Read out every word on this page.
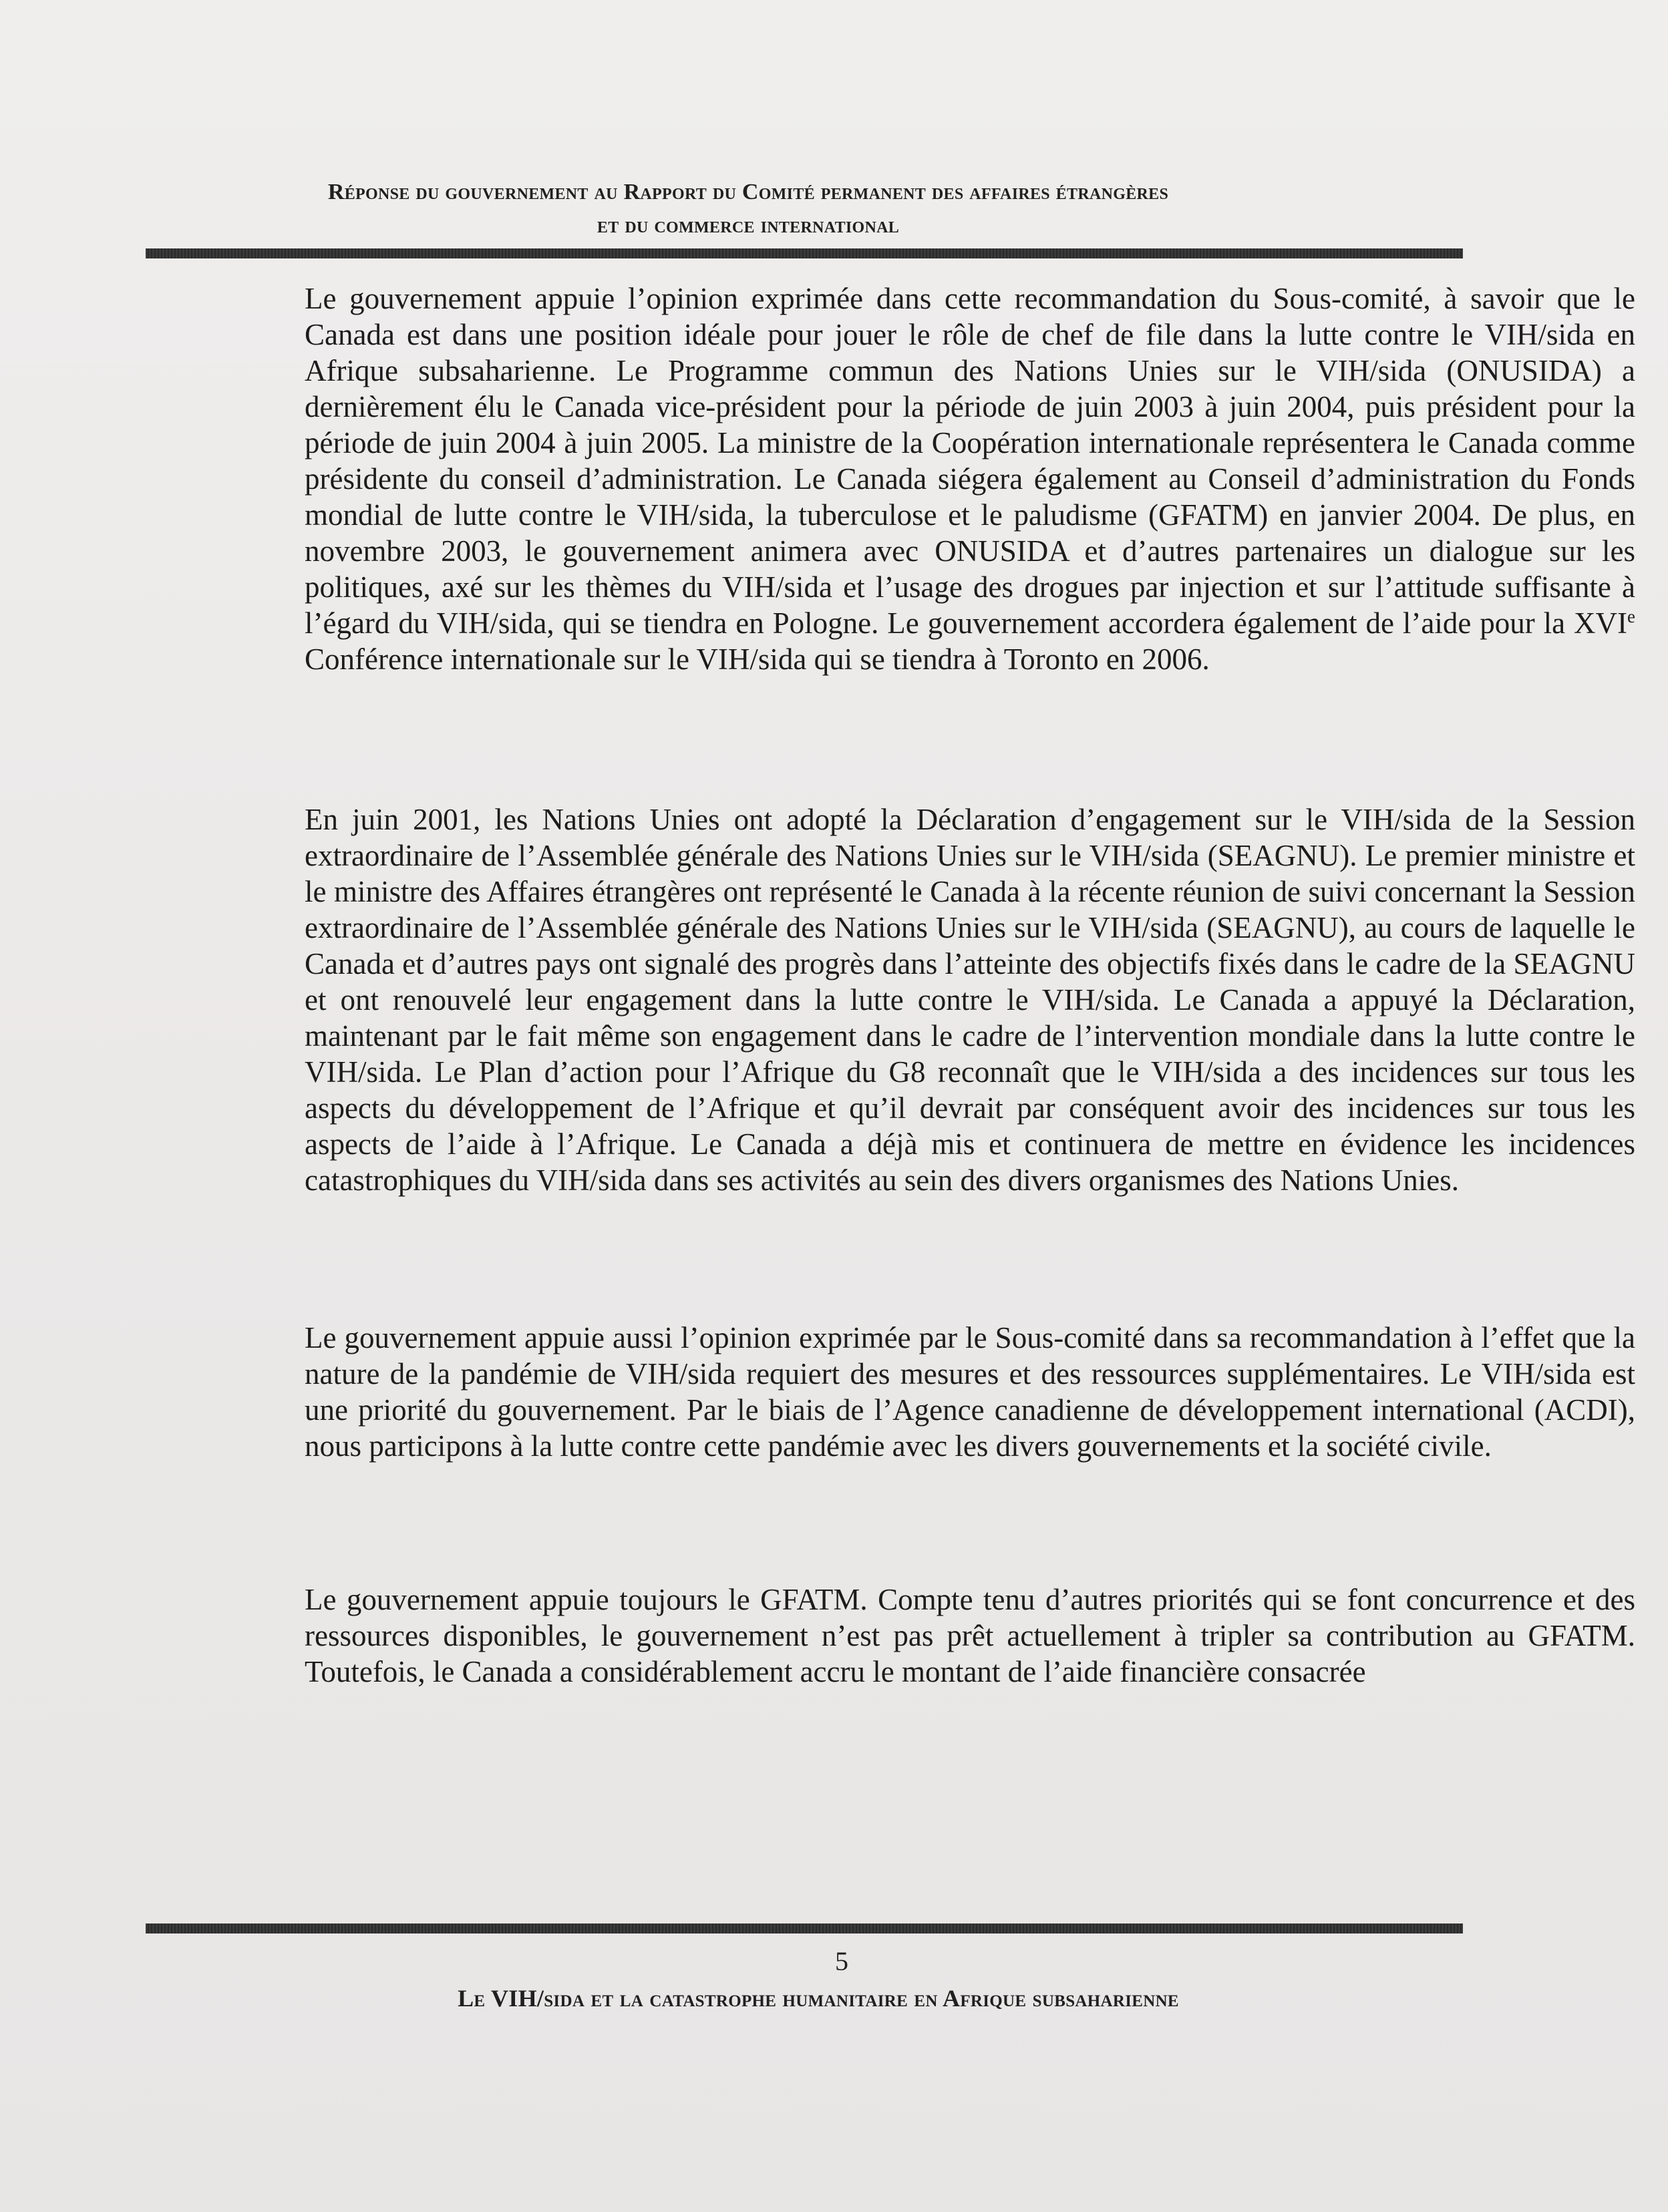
Réponse du gouvernement au Rapport du Comité permanent des affaires étrangères
et du commerce international

Le gouvernement appuie l’opinion exprimée dans cette recommandation du Sous-comité, à savoir que le Canada est dans une position idéale pour jouer le rôle de chef de file dans la lutte contre le VIH/sida en Afrique subsaharienne. Le Programme commun des Nations Unies sur le VIH/sida (ONUSIDA) a dernièrement élu le Canada vice-président pour la période de juin 2003 à juin 2004, puis président pour la période de juin 2004 à juin 2005. La ministre de la Coopération internationale représentera le Canada comme présidente du conseil d’administration. Le Canada siégera également au Conseil d’administration du Fonds mondial de lutte contre le VIH/sida, la tuberculose et le paludisme (GFATM) en janvier 2004. De plus, en novembre 2003, le gouvernement animera avec ONUSIDA et d’autres partenaires un dialogue sur les politiques, axé sur les thèmes du VIH/sida et l’usage des drogues par injection et sur l’attitude suffisante à l’égard du VIH/sida, qui se tiendra en Pologne. Le gouvernement accordera également de l’aide pour la XVIe Conférence internationale sur le VIH/sida qui se tiendra à Toronto en 2006.

En juin 2001, les Nations Unies ont adopté la Déclaration d’engagement sur le VIH/sida de la Session extraordinaire de l’Assemblée générale des Nations Unies sur le VIH/sida (SEAGNU). Le premier ministre et le ministre des Affaires étrangères ont représenté le Canada à la récente réunion de suivi concernant la Session extraordinaire de l’Assemblée générale des Nations Unies sur le VIH/sida (SEAGNU), au cours de laquelle le Canada et d’autres pays ont signalé des progrès dans l’atteinte des objectifs fixés dans le cadre de la SEAGNU et ont renouvelé leur engagement dans la lutte contre le VIH/sida. Le Canada a appuyé la Déclaration, maintenant par le fait même son engagement dans le cadre de l’intervention mondiale dans la lutte contre le VIH/sida. Le Plan d’action pour l’Afrique du G8 reconnaît que le VIH/sida a des incidences sur tous les aspects du développement de l’Afrique et qu’il devrait par conséquent avoir des incidences sur tous les aspects de l’aide à l’Afrique. Le Canada a déjà mis et continuera de mettre en évidence les incidences catastrophiques du VIH/sida dans ses activités au sein des divers organismes des Nations Unies.

Le gouvernement appuie aussi l’opinion exprimée par le Sous-comité dans sa recommandation à l’effet que la nature de la pandémie de VIH/sida requiert des mesures et des ressources supplémentaires. Le VIH/sida est une priorité du gouvernement. Par le biais de l’Agence canadienne de développement international (ACDI), nous participons à la lutte contre cette pandémie avec les divers gouvernements et la société civile.

Le gouvernement appuie toujours le GFATM. Compte tenu d’autres priorités qui se font concurrence et des ressources disponibles, le gouvernement n’est pas prêt actuellement à tripler sa contribution au GFATM. Toutefois, le Canada a considérablement accru le montant de l’aide financière consacrée

5
Le VIH/sida et la catastrophe humanitaire en Afrique subsaharienne
